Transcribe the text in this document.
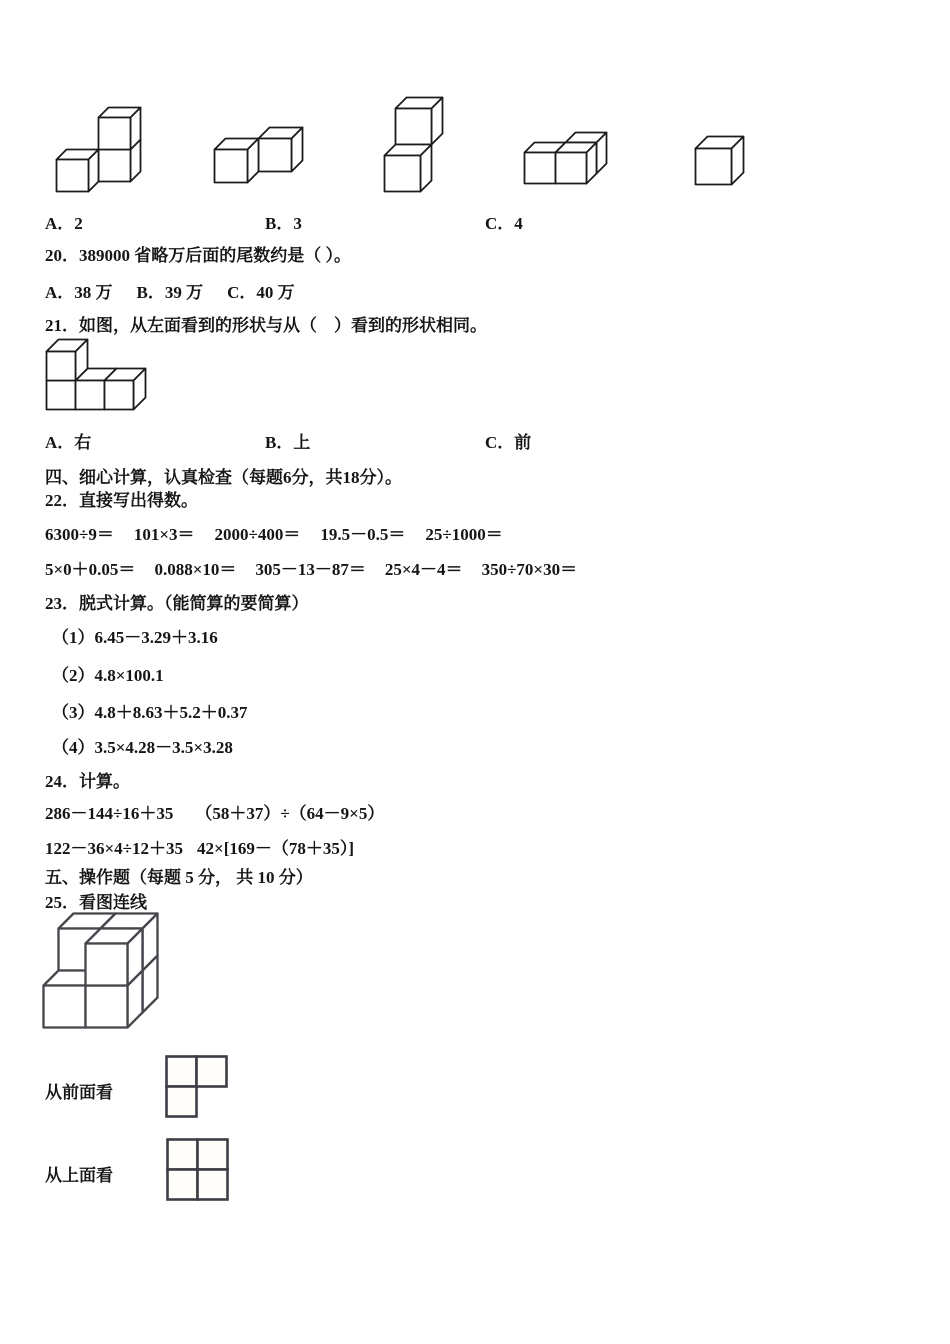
A．2	B．3	C．4
20．389000 省略万后面的尾数约是（ ）。
A．38 万 B．39 万 C．40 万
21．如图，从左面看到的形状与从（　）看到的形状相同。
A．右	B．上	C．前
四、细心计算，认真检查（每题6分，共18分）。
22．直接写出得数。
6300÷9＝ 101×3＝ 2000÷400＝ 19.5－0.5＝ 25÷1000＝
5×0＋0.05＝ 0.088×10＝ 305－13－87＝ 25×4－4＝ 350÷70×30＝
23．脱式计算。（能简算的要简算）
（1）6.45－3.29＋3.16
（2）4.8×100.1
（3）4.8＋8.63＋5.2＋0.37
（4）3.5×4.28－3.5×3.28
24．计算。
286－144÷16＋35 （58＋37）÷（64－9×5）
122－36×4÷12＋35 42×[169－（78＋35）]
五、操作题（每题 5 分， 共 10 分）
25．看图连线
从前面看
从上面看
